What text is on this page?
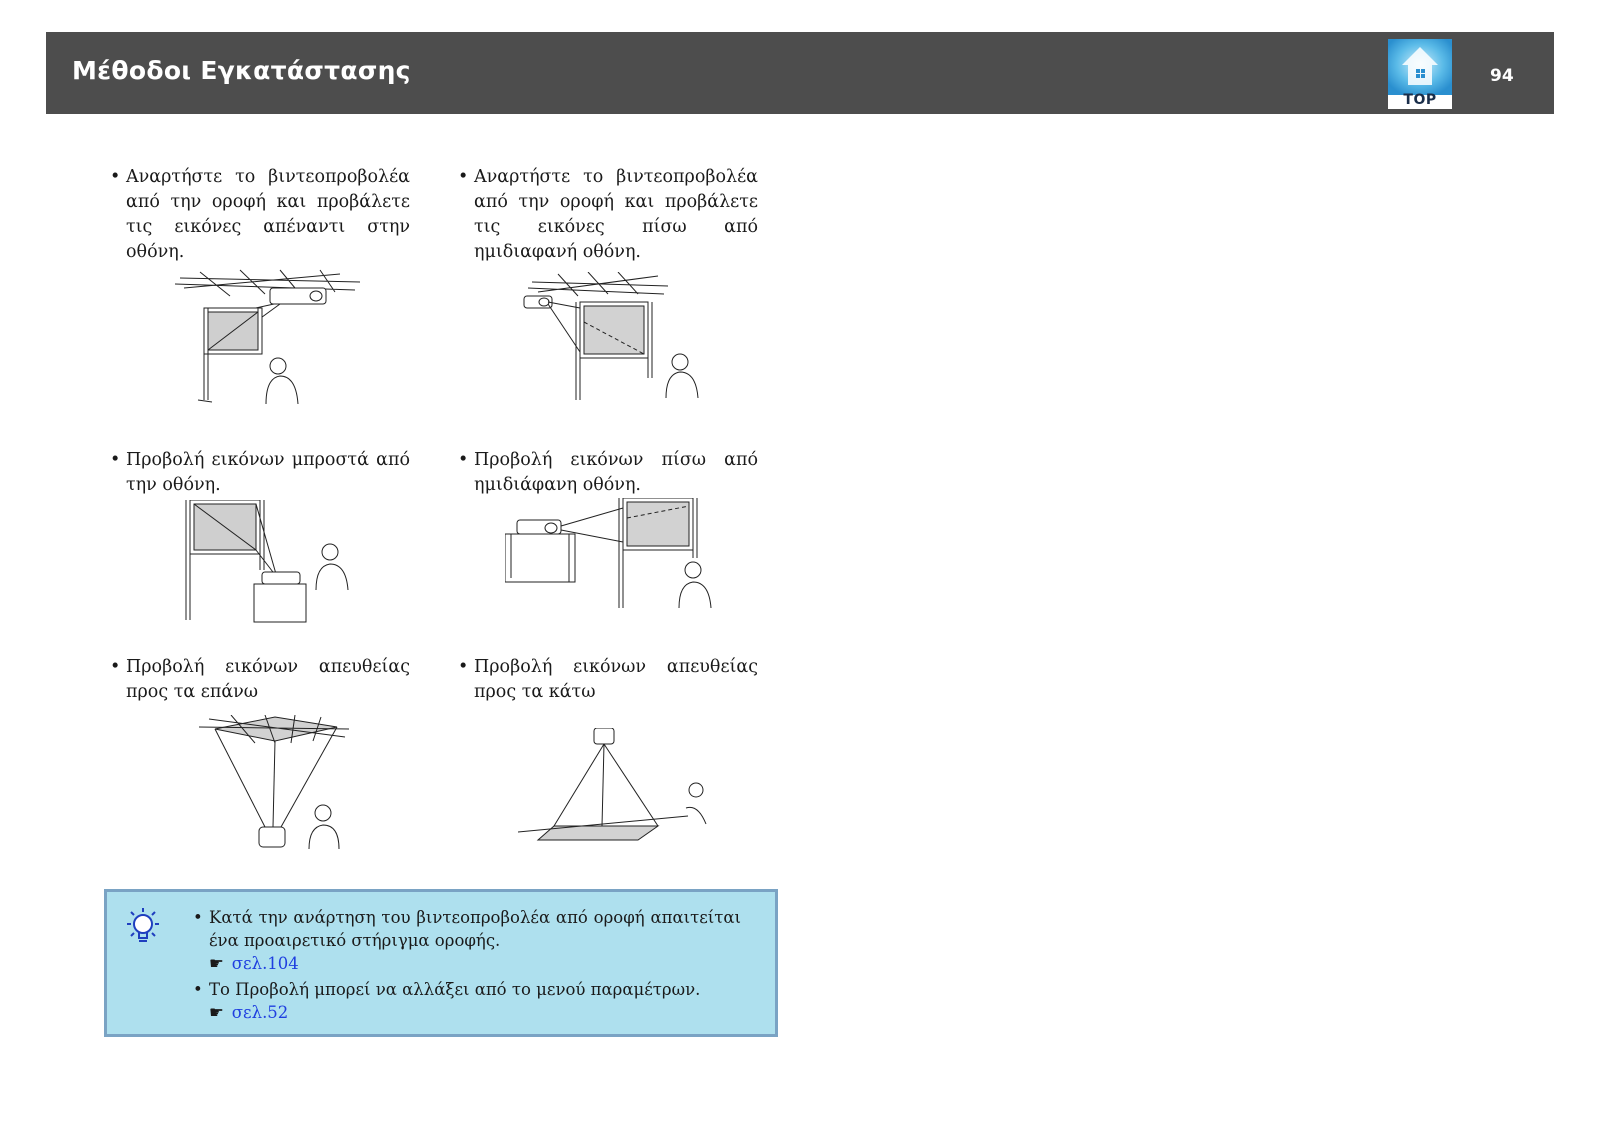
Μέθοδοι Εγκατάστασης
TOP
94
• Αναρτήστε το βιντεοπροβολέα από την οροφή και προβάλετε τις εικόνες απέναντι στην οθόνη.
• Αναρτήστε το βιντεοπροβολέα από την οροφή και προβάλετε τις εικόνες πίσω από ημιδιαφανή οθόνη.
• Προβολή εικόνων μπροστά από την οθόνη.
• Προβολή εικόνων πίσω από ημιδιάφανη οθόνη.
• Προβολή εικόνων απευθείας προς τα επάνω
• Προβολή εικόνων απευθείας προς τα κάτω
• Κατά την ανάρτηση του βιντεοπροβολέα από οροφή απαιτείται ένα προαιρετικό στήριγμα οροφής.
☛ σελ.104
• Το Προβολή μπορεί να αλλάξει από το μενού παραμέτρων.
☛ σελ.52
